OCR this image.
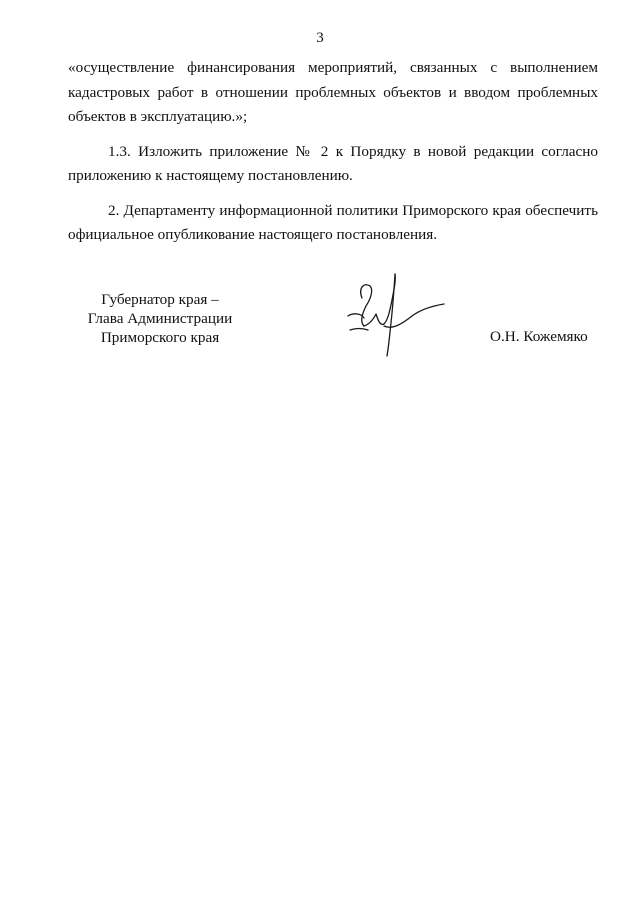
3

«осуществление финансирования мероприятий, связанных с выполнением кадастровых работ в отношении проблемных объектов и вводом проблемных объектов в эксплуатацию.»;

1.3. Изложить приложение № 2 к Порядку в новой редакции согласно приложению к настоящему постановлению.

2. Департаменту информационной политики Приморского края обеспечить официальное опубликование настоящего постановления.

Губернатор края –
Глава Администрации
Приморского края	О.Н. Кожемяко
